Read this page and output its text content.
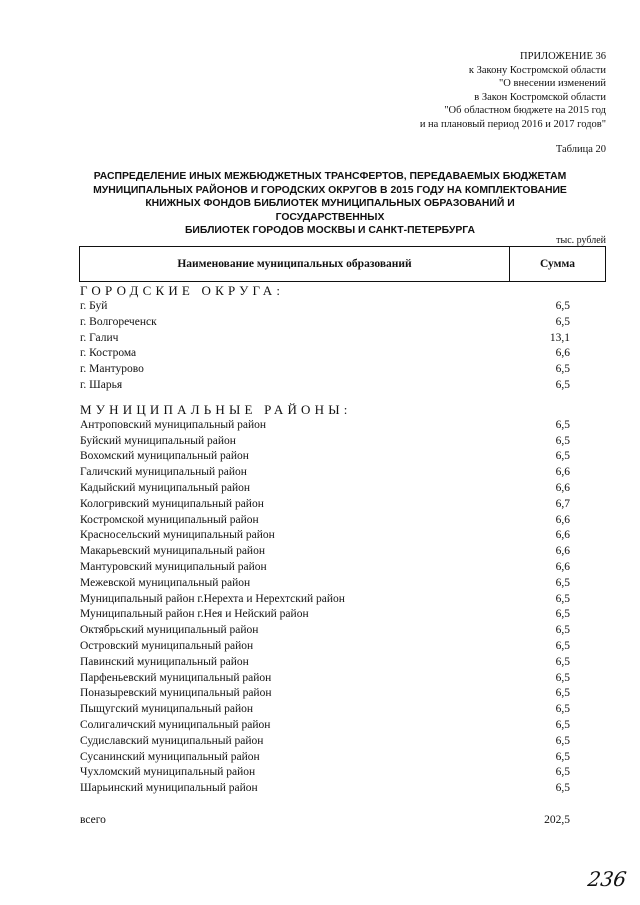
ПРИЛОЖЕНИЕ 36
к Закону Костромской области
"О внесении изменений
в Закон Костромской области
"Об областном бюджете на 2015 год
и на плановый период 2016 и 2017 годов"
Таблица 20
РАСПРЕДЕЛЕНИЕ ИНЫХ МЕЖБЮДЖЕТНЫХ ТРАНСФЕРТОВ, ПЕРЕДАВАЕМЫХ БЮДЖЕТАМ
МУНИЦИПАЛЬНЫХ РАЙОНОВ И ГОРОДСКИХ ОКРУГОВ В 2015 ГОДУ НА КОМПЛЕКТОВАНИЕ
КНИЖНЫХ ФОНДОВ БИБЛИОТЕК МУНИЦИПАЛЬНЫХ ОБРАЗОВАНИЙ И ГОСУДАРСТВЕННЫХ
БИБЛИОТЕК ГОРОДОВ МОСКВЫ И САНКТ-ПЕТЕРБУРГА
тыс. рублей
Наименование муниципальных образований	Сумма
ГОРОДСКИЕ ОКРУГА:
г. Буй	6,5
г. Волгореченск	6,5
г. Галич	13,1
г. Кострома	6,6
г. Мантурово	6,5
г. Шарья	6,5
МУНИЦИПАЛЬНЫЕ РАЙОНЫ:
Антроповский муниципальный район	6,5
Буйский муниципальный район	6,5
Вохомский муниципальный район	6,5
Галичский муниципальный район	6,6
Кадыйский муниципальный район	6,6
Кологривский муниципальный район	6,7
Костромской муниципальный район	6,6
Красносельский муниципальный район	6,6
Макарьевский муниципальный район	6,6
Мантуровский муниципальный район	6,6
Межевской муниципальный район	6,5
Муниципальный район г.Нерехта и Нерехтский район	6,5
Муниципальный район г.Нея и Нейский район	6,5
Октябрьский муниципальный район	6,5
Островский муниципальный район	6,5
Павинский муниципальный район	6,5
Парфеньевский муниципальный район	6,5
Поназыревский муниципальный район	6,5
Пыщугский муниципальный район	6,5
Солигаличский муниципальный район	6,5
Судиславский муниципальный район	6,5
Сусанинский муниципальный район	6,5
Чухломский муниципальный район	6,5
Шарьинский муниципальный район	6,5
всего	202,5
236
